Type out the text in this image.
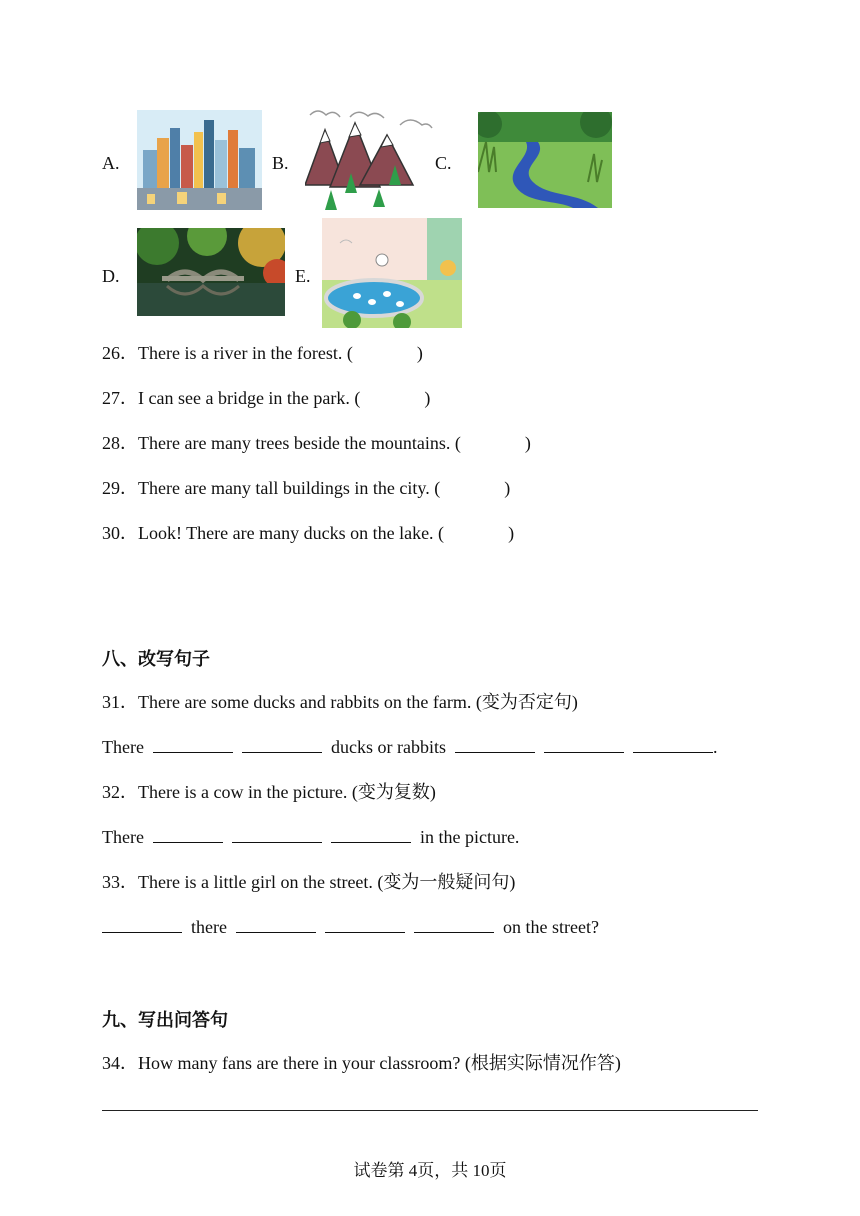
A.	B.	C.
D.	E.
26．There is a river in the forest. (	)
27．I can see a bridge in the park. (	)
28．There are many trees beside the mountains. (	)
29．There are many tall buildings in the city. (	)
30．Look! There are many ducks on the lake. (	)
八、改写句子
31．There are some ducks and rabbits on the farm. (变为否定句)
There	ducks or rabbits	.
32．There is a cow in the picture. (变为复数)
There	in the picture.
33．There is a little girl on the street. (变为一般疑问句)
there	on the street?
九、写出问答句
34．How many fans are there in your classroom? (根据实际情况作答)
试卷第 4页，共 10页
